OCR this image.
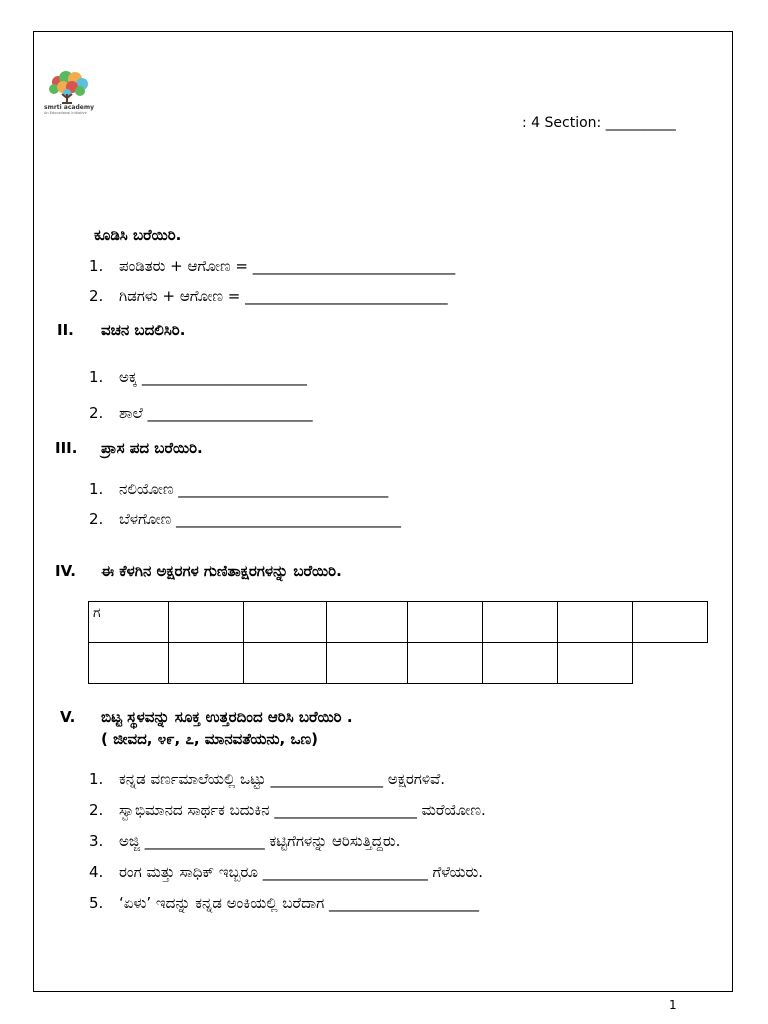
smrti academy
An Educational Initiative
: 4 Section: __________
ಕೂಡಿಸಿ ಬರೆಯಿರಿ.
1. ಪಂಡಿತರು + ಆಗೋಣ = ___________________________
2. ಗಿಡಗಳು + ಆಗೋಣ = ___________________________
II. ವಚನ ಬದಲಿಸಿರಿ.
1. ಅಕ್ಕ ______________________
2. ಶಾಲೆ ______________________
III. ಪ್ರಾಸ ಪದ ಬರೆಯಿರಿ.
1. ನಲಿಯೋಣ ____________________________
2. ಬೆಳಗೋಣ ______________________________
IV. ಈ ಕೆಳಗಿನ ಅಕ್ಷರಗಳ ಗುಣಿತಾಕ್ಷರಗಳನ್ನು ಬರೆಯಿರಿ.
ಗ							

V. ಬಿಟ್ಟ ಸ್ಥಳವನ್ನು ಸೂಕ್ತ ಉತ್ತರದಿಂದ ಆರಿಸಿ ಬರೆಯಿರಿ .
( ಜೀವದ, ೪೯, ೭, ಮಾನವತೆಯನು, ಒಣ)
1. ಕನ್ನಡ ವರ್ಣಮಾಲೆಯಲ್ಲಿ ಒಟ್ಟು _______________ ಅಕ್ಷರಗಳಿವೆ.
2. ಸ್ವಾಭಿಮಾನದ ಸಾರ್ಥಕ ಬದುಕಿನ ___________________ ಮರೆಯೋಣ.
3. ಅಜ್ಜಿ ________________ ಕಟ್ಟಿಗೆಗಳನ್ನು ಆರಿಸುತ್ತಿದ್ದರು.
4. ರಂಗ ಮತ್ತು ಸಾಧಿಕ್ ಇಬ್ಬರೂ ______________________ ಗೆಳೆಯರು.
5. ‘ಏಳು’ ಇದನ್ನು ಕನ್ನಡ ಅಂಕಿಯಲ್ಲಿ ಬರೆದಾಗ ____________________
1
